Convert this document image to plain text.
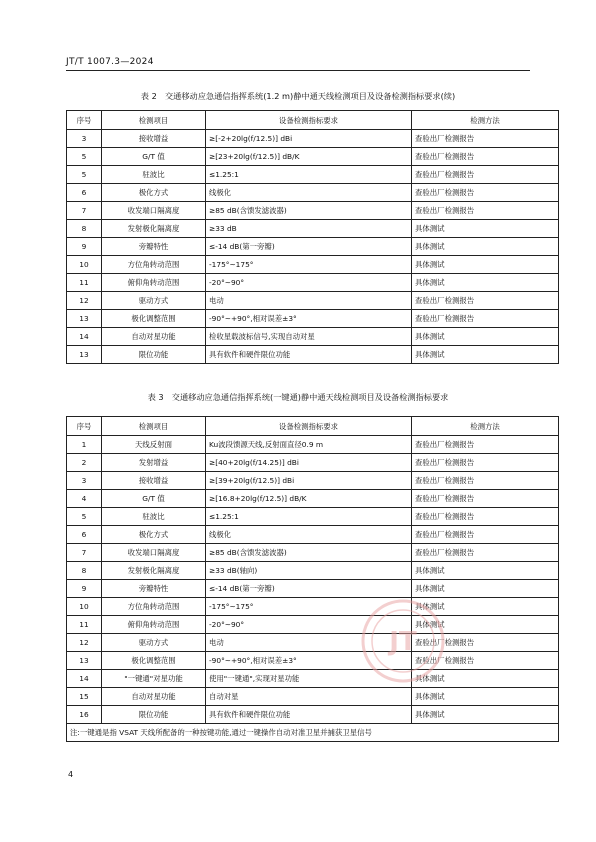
JT/T 1007.3—2024
表 2　交通移动应急通信指挥系统(1.2 m)静中通天线检测项目及设备检测指标要求(续)
序号	检测项目	设备检测指标要求	检测方法
3	接收增益	≥[-2+20lg(f/12.5)] dBi	查验出厂检测报告
5	G/T 值	≥[23+20lg(f/12.5)] dB/K	查验出厂检测报告
5	驻波比	≤1.25:1	查验出厂检测报告
6	极化方式	线极化	查验出厂检测报告
7	收发端口隔离度	≥85 dB(含馈发滤波器)	查验出厂检测报告
8	发射极化隔离度	≥33 dB	具体测试
9	旁瓣特性	≤-14 dB(第一旁瓣)	具体测试
10	方位角转动范围	-175°~175°	具体测试
11	俯仰角转动范围	-20°~90°	具体测试
12	驱动方式	电动	查验出厂检测报告
13	极化调整范围	-90°~+90°,相对误差±3°	查验出厂检测报告
14	自动对星功能	检收星载波标信号,实现自动对星	具体测试
13	限位功能	具有软件和硬件限位功能	具体测试
表 3　交通移动应急通信指挥系统(一键通)静中通天线检测项目及设备检测指标要求
序号	检测项目	设备检测指标要求	检测方法
1	天线反射面	Ku波段馈源天线,反射面直径0.9 m	查验出厂检测报告
2	发射增益	≥[40+20lg(f/14.25)] dBi	查验出厂检测报告
3	接收增益	≥[39+20lg(f/12.5)] dBi	查验出厂检测报告
4	G/T 值	≥[16.8+20lg(f/12.5)] dB/K	查验出厂检测报告
5	驻波比	≤1.25:1	查验出厂检测报告
6	极化方式	线极化	查验出厂检测报告
7	收发端口隔离度	≥85 dB(含馈发滤波器)	查验出厂检测报告
8	发射极化隔离度	≥33 dB(轴向)	具体测试
9	旁瓣特性	≤-14 dB(第一旁瓣)	具体测试
10	方位角转动范围	-175°~175°	具体测试
11	俯仰角转动范围	-20°~90°	具体测试
12	驱动方式	电动	查验出厂检测报告
13	极化调整范围	-90°~+90°,相对误差±3°	查验出厂检测报告
14	"一键通"对星功能	使用"一键通",实现对星功能	具体测试
15	自动对星功能	自动对星	具体测试
16	限位功能	具有软件和硬件限位功能	具体测试
注:一键通是指 VSAT 天线所配备的一种按键功能,通过一键操作自动对准卫星并捕获卫星信号			
JT
4
